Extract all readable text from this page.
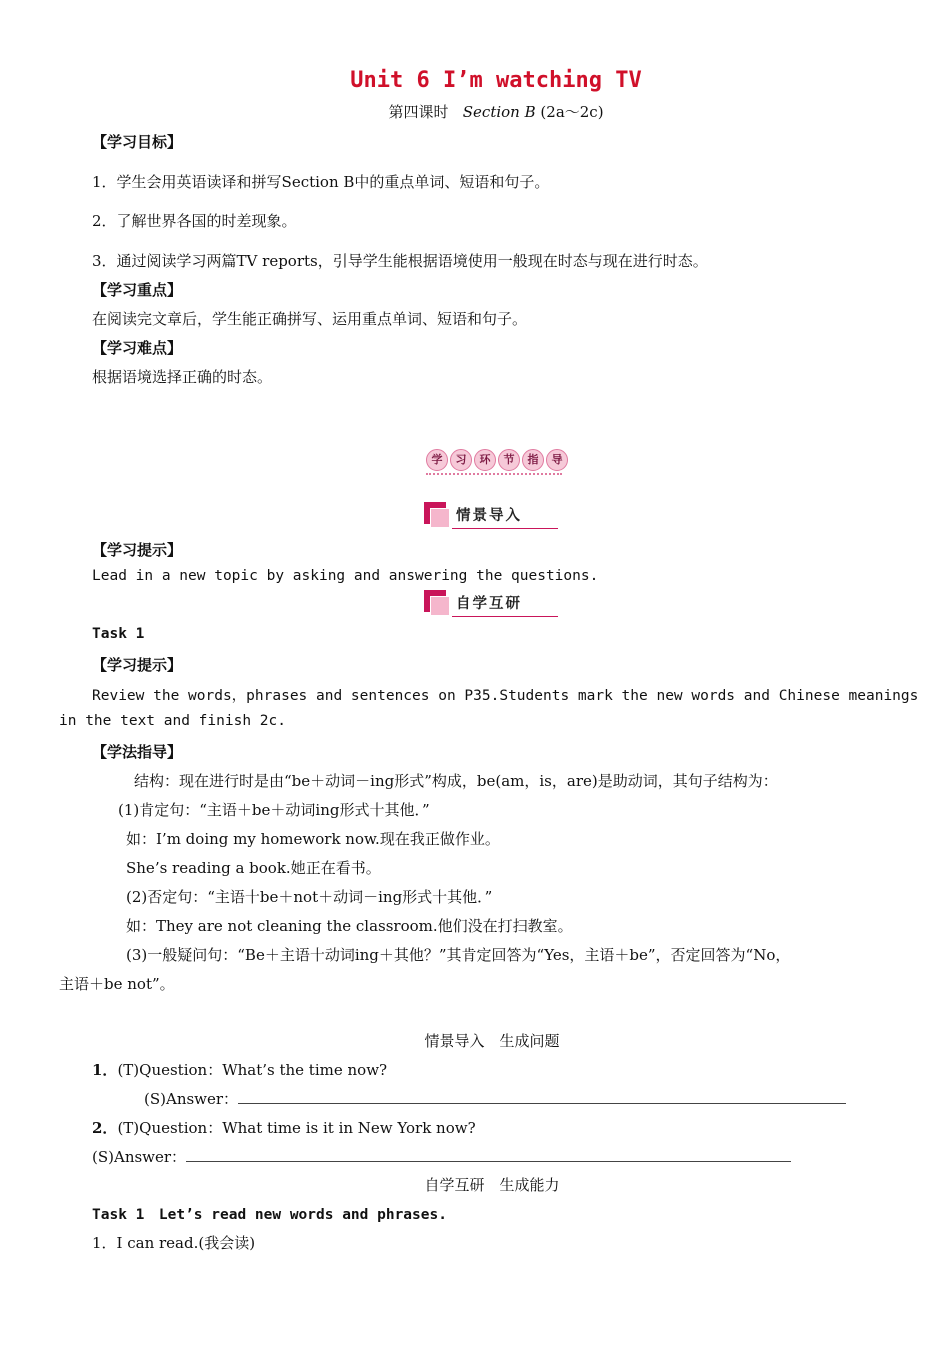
Unit 6 I’m watching TV
第四课时 Section B (2a～2c)
【学习目标】
1．学生会用英语读译和拼写Section B中的重点单词、短语和句子。
2．了解世界各国的时差现象。
3．通过阅读学习两篇TV reports，引导学生能根据语境使用一般现在时态与现在进行时态。
【学习重点】
在阅读完文章后，学生能正确拼写、运用重点单词、短语和句子。
【学习难点】
根据语境选择正确的时态。
学 习 环 节 指 导
情景导入
【学习提示】
Lead in a new topic by asking and answering the questions.
自学互研
Task 1
【学习提示】
Review the words，phrases and sentences on P35.Students mark the new words and Chinese meanings
in the text and finish 2c.
【学法指导】
结构：现在进行时是由“be＋动词－ing形式”构成，be(am，is，are)是助动词，其句子结构为：
(1)肯定句：“主语＋be＋动词ing形式十其他．”
如：I’m doing my homework now.现在我正做作业。
She’s reading a book.她正在看书。
(2)否定句：“主语十be＋not＋动词－ing形式十其他．”
如：They are not cleaning the classroom.他们没在打扫教室。
(3)一般疑问句：“Be＋主语十动词ing＋其他？”其肯定回答为“Yes，主语＋be”，否定回答为“No，
主语＋be not”。
情景导入　生成问题
1．(T)Question：What’s the time now?
(S)Answer：
2．(T)Question：What time is it in New York now?
(S)Answer：
自学互研　生成能力
Task 1　Let’s read new words and phrases.
1．I can read.(我会读)
